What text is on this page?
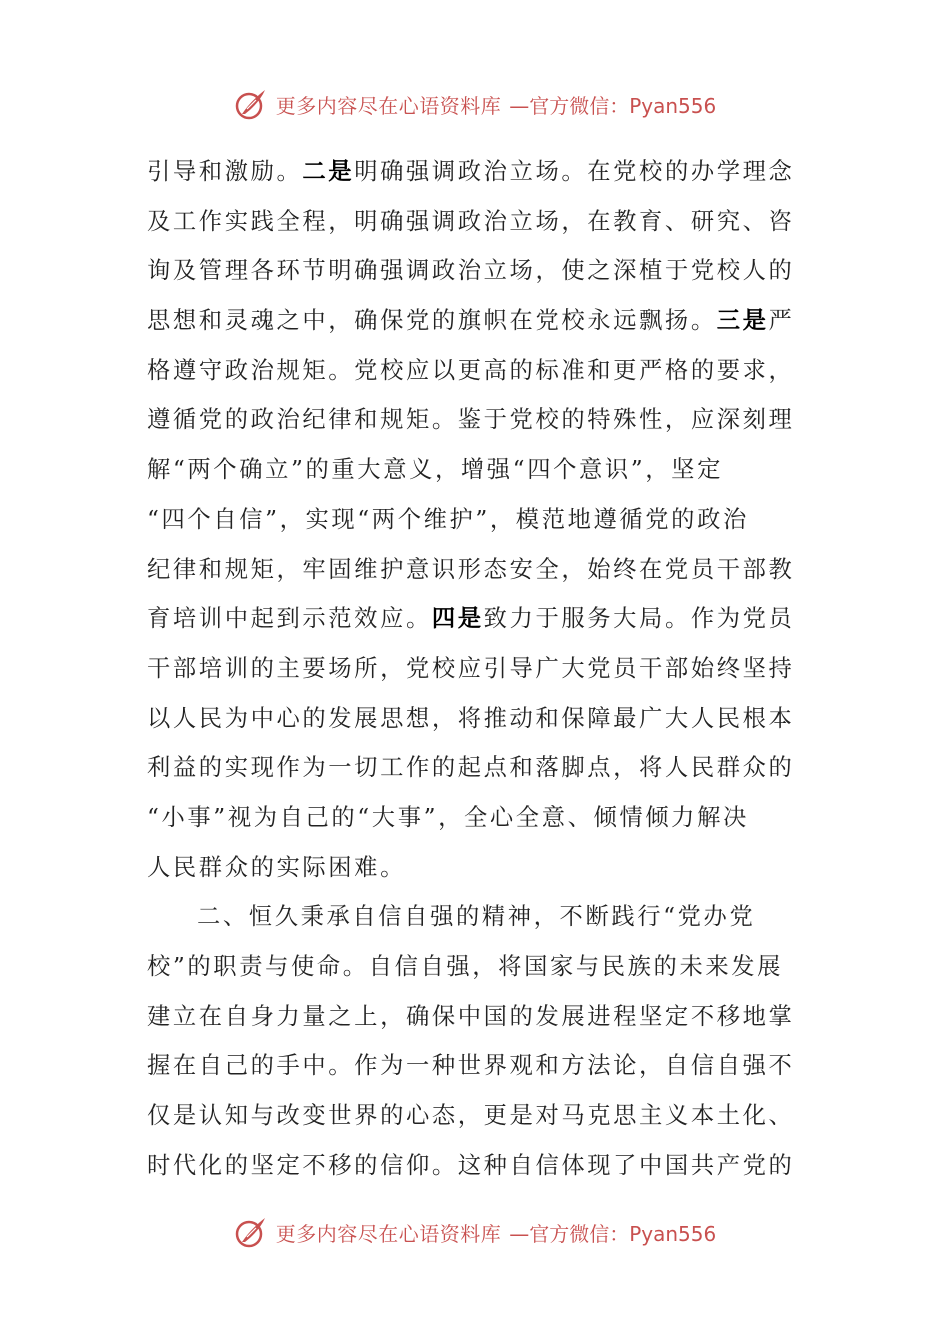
更多内容尽在心语资料库 —官方微信：Pyan556
引导和激励。二是明确强调政治立场。在党校的办学理念
及工作实践全程，明确强调政治立场，在教育、研究、咨
询及管理各环节明确强调政治立场，使之深植于党校人的
思想和灵魂之中，确保党的旗帜在党校永远飘扬。三是严
格遵守政治规矩。党校应以更高的标准和更严格的要求，
遵循党的政治纪律和规矩。鉴于党校的特殊性，应深刻理
解“两个确立”的重大意义，增强“四个意识”，坚定
“四个自信”，实现“两个维护”，模范地遵循党的政治
纪律和规矩，牢固维护意识形态安全，始终在党员干部教
育培训中起到示范效应。四是致力于服务大局。作为党员
干部培训的主要场所，党校应引导广大党员干部始终坚持
以人民为中心的发展思想，将推动和保障最广大人民根本
利益的实现作为一切工作的起点和落脚点，将人民群众的
“小事”视为自己的“大事”，全心全意、倾情倾力解决
人民群众的实际困难。
二、恒久秉承自信自强的精神，不断践行“党办党
校”的职责与使命。自信自强，将国家与民族的未来发展
建立在自身力量之上，确保中国的发展进程坚定不移地掌
握在自己的手中。作为一种世界观和方法论，自信自强不
仅是认知与改变世界的心态，更是对马克思主义本土化、
时代化的坚定不移的信仰。这种自信体现了中国共产党的
更多内容尽在心语资料库 —官方微信：Pyan556
